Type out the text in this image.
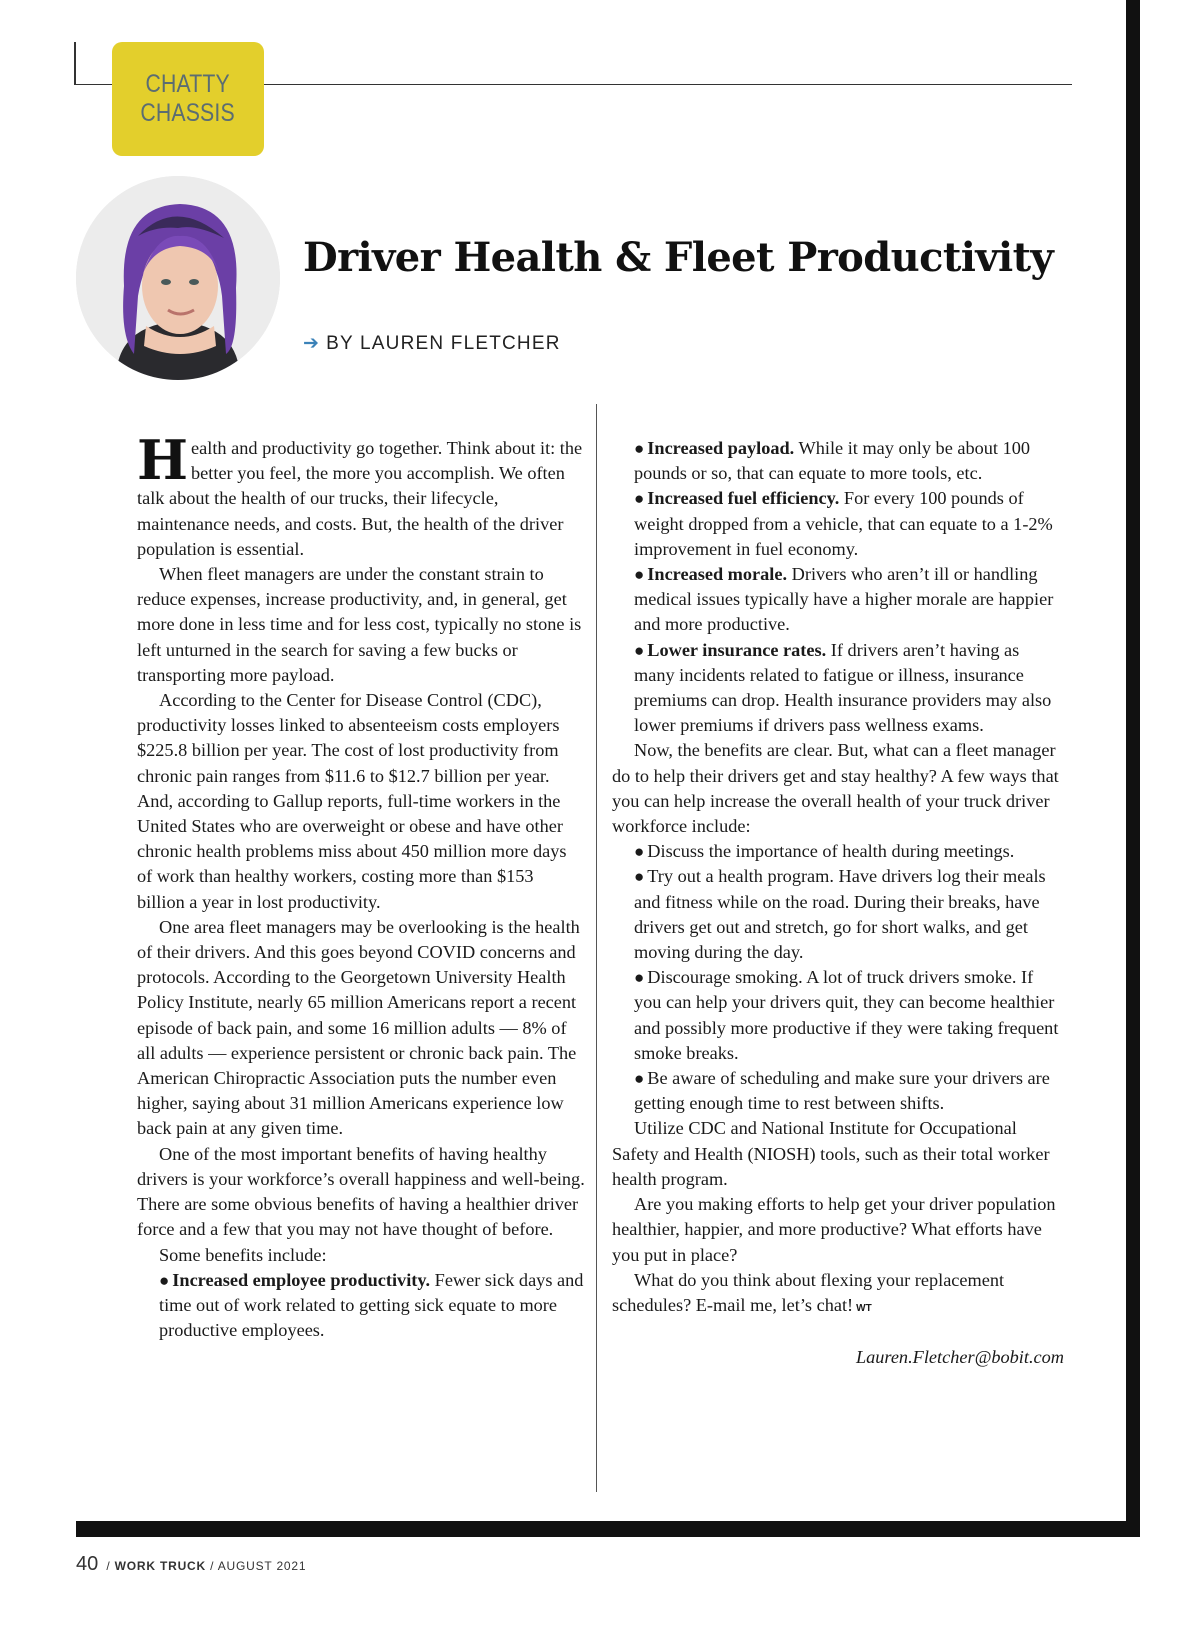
CHATTY
CHASSIS
Driver Health & Fleet Productivity
➔ BY LAUREN FLETCHER

Health and productivity go together. Think about it: the better you feel, the more you accomplish. We often talk about the health of our trucks, their lifecycle, maintenance needs, and costs. But, the health of the driver population is essential.

When fleet managers are under the constant strain to reduce expenses, increase productivity, and, in general, get more done in less time and for less cost, typically no stone is left unturned in the search for saving a few bucks or transporting more payload.

According to the Center for Disease Control (CDC), productivity losses linked to absenteeism costs employers $225.8 billion per year. The cost of lost productivity from chronic pain ranges from $11.6 to $12.7 billion per year. And, according to Gallup reports, full-time workers in the United States who are overweight or obese and have other chronic health problems miss about 450 million more days of work than healthy workers, costing more than $153 billion a year in lost productivity.

One area fleet managers may be overlooking is the health of their drivers. And this goes beyond COVID concerns and protocols. According to the Georgetown University Health Policy Institute, nearly 65 million Americans report a recent episode of back pain, and some 16 million adults — 8% of all adults — experience persistent or chronic back pain. The American Chiropractic Association puts the number even higher, saying about 31 million Americans experience low back pain at any given time.

One of the most important benefits of having healthy drivers is your workforce’s overall happiness and well-being. There are some obvious benefits of having a healthier driver force and a few that you may not have thought of before.

Some benefits include:

● Increased employee productivity. Fewer sick days and time out of work related to getting sick equate to more productive employees.

● Increased payload. While it may only be about 100 pounds or so, that can equate to more tools, etc.

● Increased fuel efficiency. For every 100 pounds of weight dropped from a vehicle, that can equate to a 1-2% improvement in fuel economy.

● Increased morale. Drivers who aren’t ill or handling medical issues typically have a higher morale are happier and more productive.

● Lower insurance rates. If drivers aren’t having as many incidents related to fatigue or illness, insurance premiums can drop. Health insurance providers may also lower premiums if drivers pass wellness exams.

Now, the benefits are clear. But, what can a fleet manager do to help their drivers get and stay healthy? A few ways that you can help increase the overall health of your truck driver workforce include:

● Discuss the importance of health during meetings.

● Try out a health program. Have drivers log their meals and fitness while on the road. During their breaks, have drivers get out and stretch, go for short walks, and get moving during the day.

● Discourage smoking. A lot of truck drivers smoke. If you can help your drivers quit, they can become healthier and possibly more productive if they were taking frequent smoke breaks.

● Be aware of scheduling and make sure your drivers are getting enough time to rest between shifts.

Utilize CDC and National Institute for Occupational Safety and Health (NIOSH) tools, such as their total worker health program.

Are you making efforts to help get your driver population healthier, happier, and more productive? What efforts have you put in place?

What do you think about flexing your replacement schedules? E-mail me, let’s chat! WT

Lauren.Fletcher@bobit.com

40 / WORK TRUCK / AUGUST 2021
